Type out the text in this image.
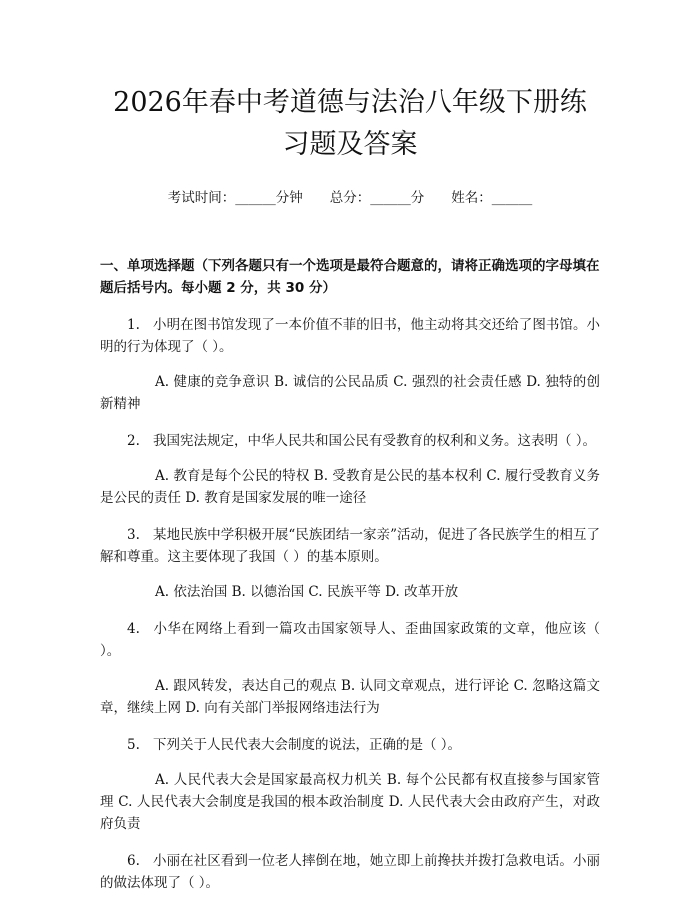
2026年春中考道德与法治八年级下册练习题及答案
考试时间：______分钟　　总分：______分　　姓名：______
一、单项选择题（下列各题只有一个选项是最符合题意的，请将正确选项的字母填在题后括号内。每小题 2 分，共 30 分）
1. 小明在图书馆发现了一本价值不菲的旧书，他主动将其交还给了图书馆。小明的行为体现了（ ）。
A. 健康的竞争意识 B. 诚信的公民品质 C. 强烈的社会责任感 D. 独特的创新精神
2. 我国宪法规定，中华人民共和国公民有受教育的权利和义务。这表明（ ）。
A. 教育是每个公民的特权 B. 受教育是公民的基本权利 C. 履行受教育义务是公民的责任 D. 教育是国家发展的唯一途径
3. 某地民族中学积极开展“民族团结一家亲”活动，促进了各民族学生的相互了解和尊重。这主要体现了我国（ ）的基本原则。
A. 依法治国 B. 以德治国 C. 民族平等 D. 改革开放
4. 小华在网络上看到一篇攻击国家领导人、歪曲国家政策的文章，他应该（ ）。
A. 跟风转发，表达自己的观点 B. 认同文章观点，进行评论 C. 忽略这篇文章，继续上网 D. 向有关部门举报网络违法行为
5. 下列关于人民代表大会制度的说法，正确的是（ ）。
A. 人民代表大会是国家最高权力机关 B. 每个公民都有权直接参与国家管理 C. 人民代表大会制度是我国的根本政治制度 D. 人民代表大会由政府产生，对政府负责
6. 小丽在社区看到一位老人摔倒在地，她立即上前搀扶并拨打急救电话。小丽的做法体现了（ ）。
